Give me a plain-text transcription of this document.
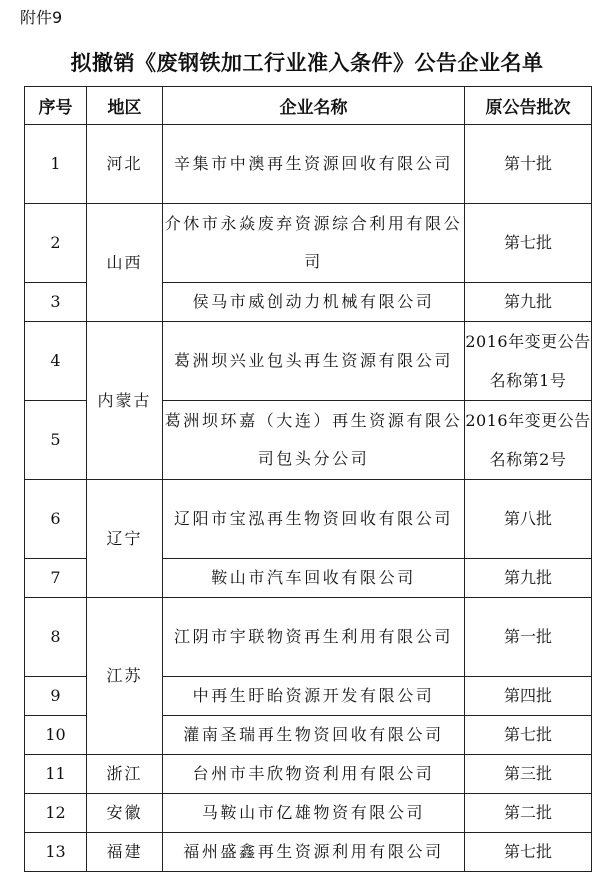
附件9
拟撤销《废钢铁加工行业准入条件》公告企业名单
序号	地区	企业名称	原公告批次
1	河北	辛集市中澳再生资源回收有限公司	第十批
2	山西	介休市永焱废弃资源综合利用有限公司	第七批
3		侯马市威创动力机械有限公司	第九批
4	内蒙古	葛洲坝兴业包头再生资源有限公司	2016年变更公告名称第1号
5		葛洲坝环嘉（大连）再生资源有限公司包头分公司	2016年变更公告名称第2号
6	辽宁	辽阳市宝泓再生物资回收有限公司	第八批
7		鞍山市汽车回收有限公司	第九批
8	江苏	江阴市宇联物资再生利用有限公司	第一批
9		中再生盱眙资源开发有限公司	第四批
10		灌南圣瑞再生物资回收有限公司	第七批
11	浙江	台州市丰欣物资利用有限公司	第三批
12	安徽	马鞍山市亿雄物资有限公司	第二批
13	福建	福州盛鑫再生资源利用有限公司	第七批
